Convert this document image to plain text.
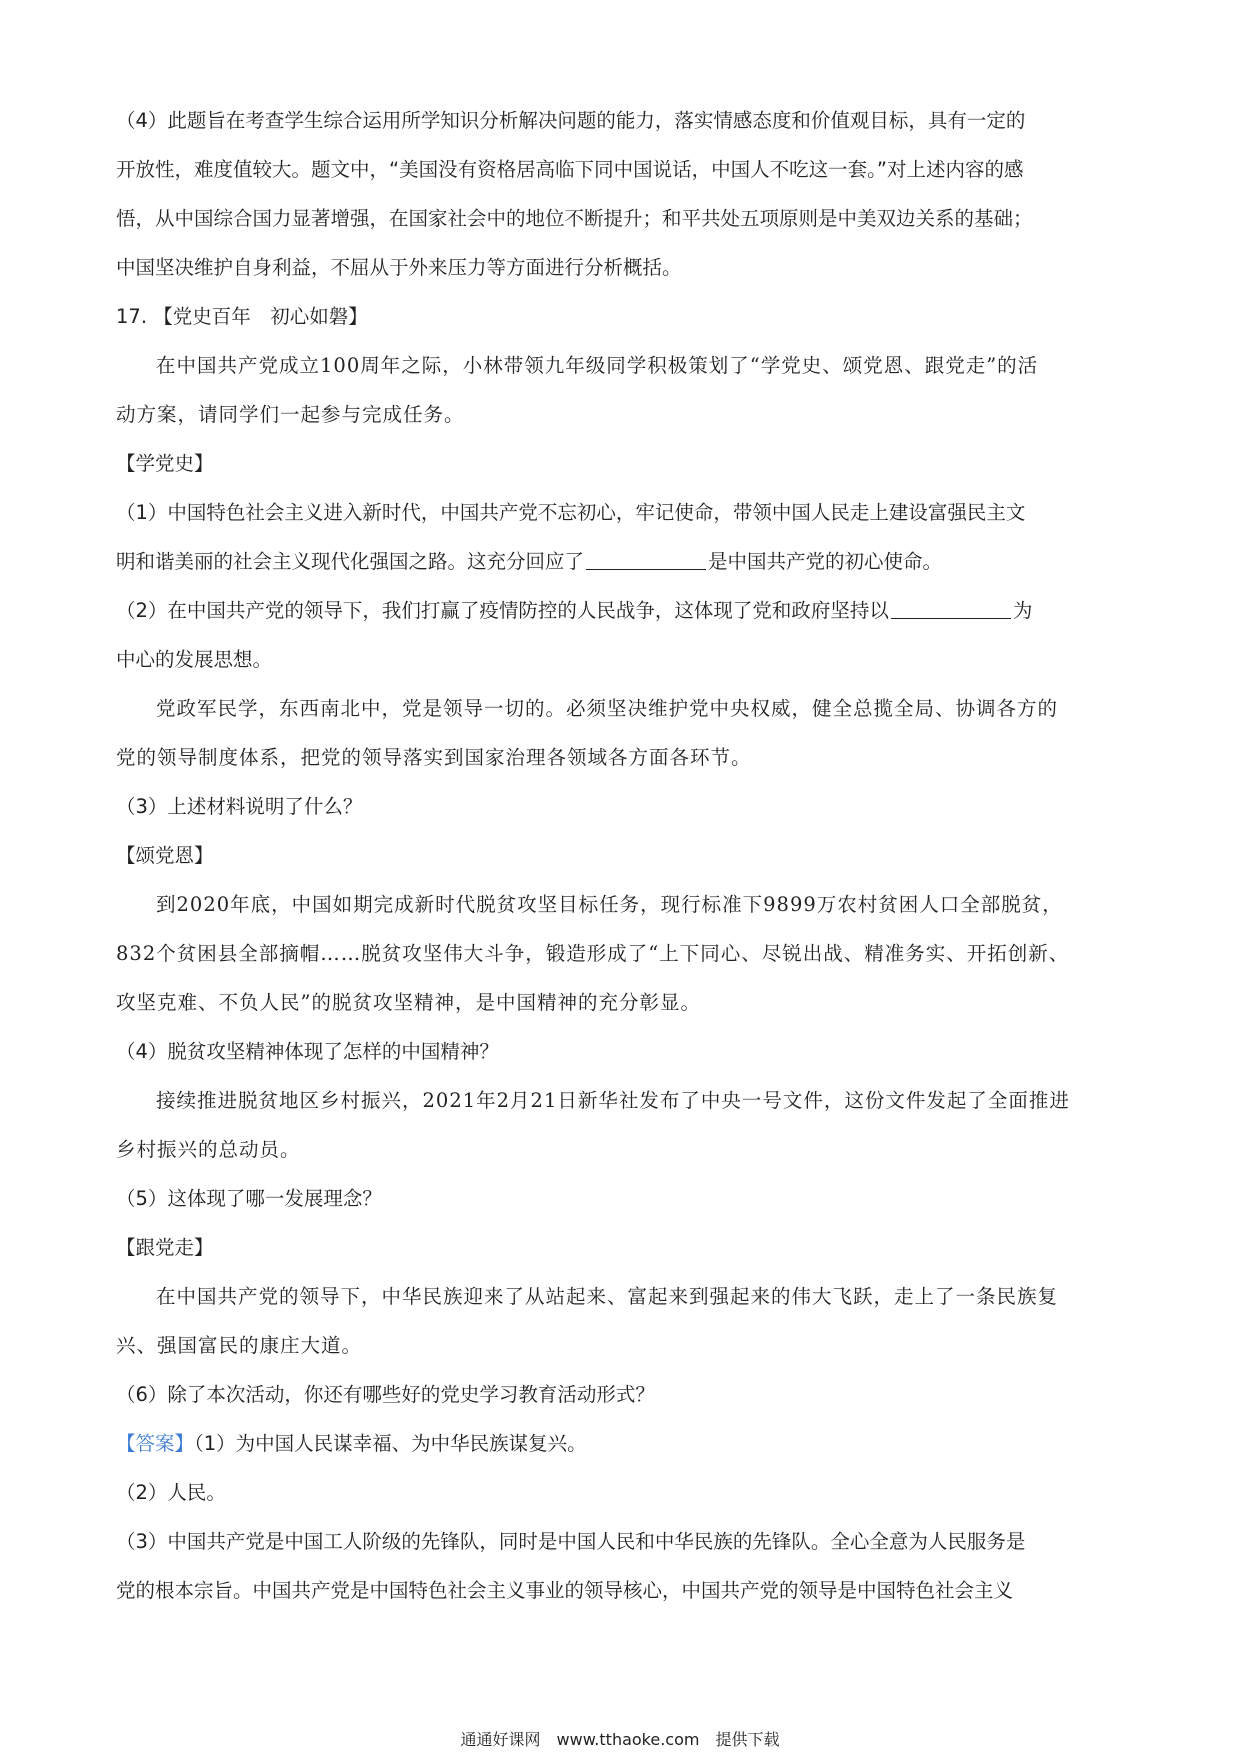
（4）此题旨在考查学生综合运用所学知识分析解决问题的能力，落实情感态度和价值观目标，具有一定的

开放性，难度值较大。题文中，“美国没有资格居高临下同中国说话，中国人不吃这一套。”对上述内容的感

悟，从中国综合国力显著增强，在国家社会中的地位不断提升；和平共处五项原则是中美双边关系的基础；

中国坚决维护自身利益，不屈从于外来压力等方面进行分析概括。

17. 【党史百年　初心如磐】

在中国共产党成立100周年之际，小林带领九年级同学积极策划了“学党史、颂党恩、跟党走”的活

动方案，请同学们一起参与完成任务。

【学党史】

（1）中国特色社会主义进入新时代，中国共产党不忘初心，牢记使命，带领中国人民走上建设富强民主文

明和谐美丽的社会主义现代化强国之路。这充分回应了	是中国共产党的初心使命。

（2）在中国共产党的领导下，我们打赢了疫情防控的人民战争，这体现了党和政府坚持以	为

中心的发展思想。

党政军民学，东西南北中，党是领导一切的。必须坚决维护党中央权威，健全总揽全局、协调各方的

党的领导制度体系，把党的领导落实到国家治理各领域各方面各环节。

（3）上述材料说明了什么？

【颂党恩】

到2020年底，中国如期完成新时代脱贫攻坚目标任务，现行标准下9899万农村贫困人口全部脱贫，

832个贫困县全部摘帽……脱贫攻坚伟大斗争，锻造形成了“上下同心、尽锐出战、精准务实、开拓创新、

攻坚克难、不负人民”的脱贫攻坚精神，是中国精神的充分彰显。

（4）脱贫攻坚精神体现了怎样的中国精神？

接续推进脱贫地区乡村振兴，2021年2月21日新华社发布了中央一号文件，这份文件发起了全面推进

乡村振兴的总动员。

（5）这体现了哪一发展理念？

【跟党走】

在中国共产党的领导下，中华民族迎来了从站起来、富起来到强起来的伟大飞跃，走上了一条民族复

兴、强国富民的康庄大道。

（6）除了本次活动，你还有哪些好的党史学习教育活动形式？

【答案】（1）为中国人民谋幸福、为中华民族谋复兴。

（2）人民。

（3）中国共产党是中国工人阶级的先锋队，同时是中国人民和中华民族的先锋队。全心全意为人民服务是

党的根本宗旨。中国共产党是中国特色社会主义事业的领导核心，中国共产党的领导是中国特色社会主义

通通好课网　www.tthaoke.com　提供下载
